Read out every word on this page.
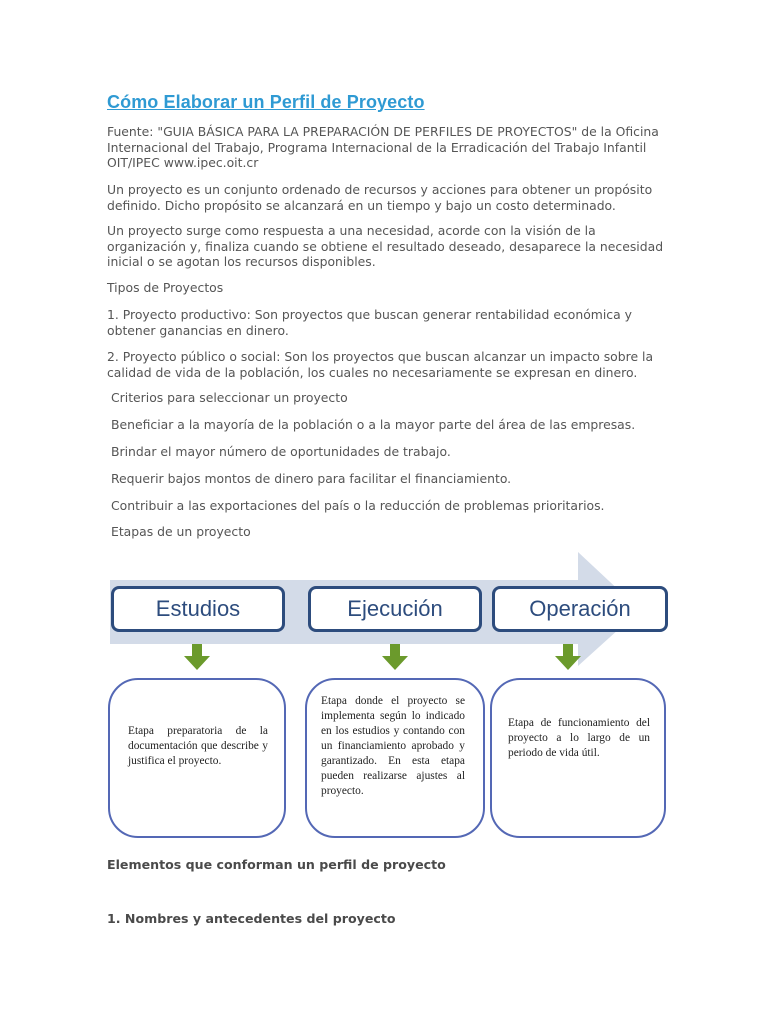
Cómo Elaborar un Perfil de Proyecto

Fuente: "GUIA BÁSICA PARA LA PREPARACIÓN DE PERFILES DE PROYECTOS" de la Oficina Internacional del Trabajo, Programa Internacional de la Erradicación del Trabajo Infantil OIT/IPEC www.ipec.oit.cr

Un proyecto es un conjunto ordenado de recursos y acciones para obtener un propósito definido. Dicho propósito se alcanzará en un tiempo y bajo un costo determinado.

Un proyecto surge como respuesta a una necesidad, acorde con la visión de la organización y, finaliza cuando se obtiene el resultado deseado, desaparece la necesidad inicial o se agotan los recursos disponibles.

Tipos de Proyectos

1. Proyecto productivo: Son proyectos que buscan generar rentabilidad económica y obtener ganancias en dinero.

2. Proyecto público o social: Son los proyectos que buscan alcanzar un impacto sobre la calidad de vida de la población, los cuales no necesariamente se expresan en dinero.

Criterios para seleccionar un proyecto

Beneficiar a la mayoría de la población o a la mayor parte del área de las empresas.

Brindar el mayor número de oportunidades de trabajo.

Requerir bajos montos de dinero para facilitar el financiamiento.

Contribuir a las exportaciones del país o la reducción de problemas prioritarios.

Etapas de un proyecto

Estudios	Ejecución	Operación
Etapa preparatoria de la documentación que describe y justifica el proyecto.
Etapa donde el proyecto se implementa según lo indicado en los estudios y contando con un financiamiento aprobado y garantizado. En esta etapa pueden realizarse ajustes al proyecto.
Etapa de funcionamiento del proyecto a lo largo de un periodo de vida útil.

Elementos que conforman un perfil de proyecto

1. Nombres y antecedentes del proyecto
